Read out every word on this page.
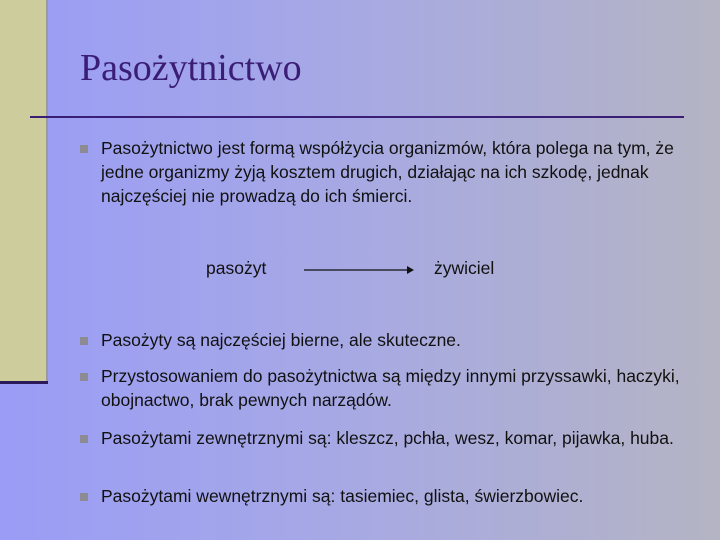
Pasożytnictwo
Pasożytnictwo jest formą współżycia organizmów, która polega na tym, że jedne organizmy żyją kosztem drugich, działając na ich szkodę, jednak najczęściej nie prowadzą do ich śmierci.
pasożyt	żywiciel
Pasożyty są najczęściej bierne, ale skuteczne.
Przystosowaniem do pasożytnictwa są między innymi przyssawki, haczyki, obojnactwo, brak pewnych narządów.
Pasożytami zewnętrznymi są: kleszcz, pchła, wesz, komar, pijawka, huba.
Pasożytami wewnętrznymi są: tasiemiec, glista, świerzbowiec.
